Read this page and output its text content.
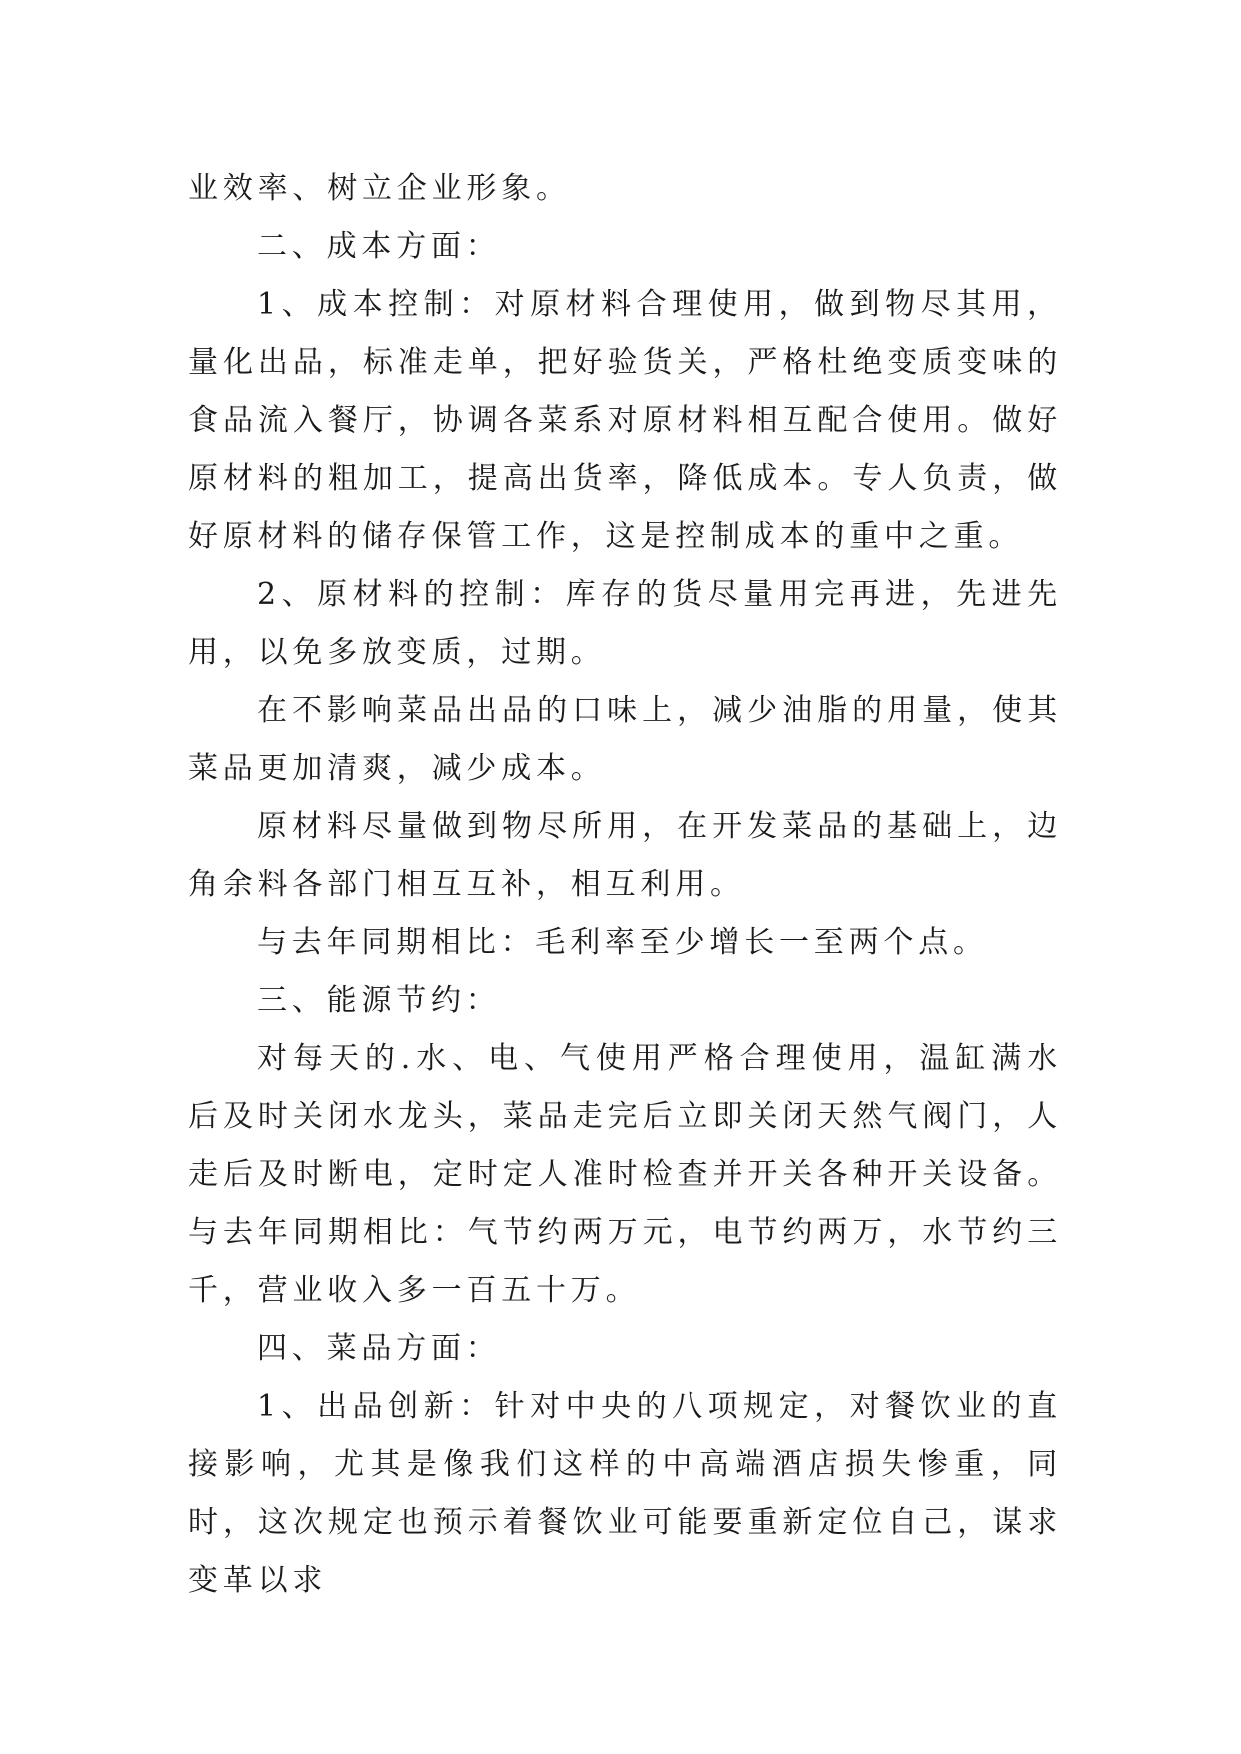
业效率、树立企业形象。

二、成本方面：

1、成本控制：对原材料合理使用，做到物尽其用，量化出品，标准走单，把好验货关，严格杜绝变质变味的食品流入餐厅，协调各菜系对原材料相互配合使用。做好原材料的粗加工，提高出货率，降低成本。专人负责，做好原材料的储存保管工作，这是控制成本的重中之重。

2、原材料的控制：库存的货尽量用完再进，先进先用，以免多放变质，过期。

在不影响菜品出品的口味上，减少油脂的用量，使其菜品更加清爽，减少成本。

原材料尽量做到物尽所用，在开发菜品的基础上，边角余料各部门相互互补，相互利用。

与去年同期相比：毛利率至少增长一至两个点。

三、能源节约：

对每天的.水、电、气使用严格合理使用，温缸满水后及时关闭水龙头，菜品走完后立即关闭天然气阀门，人走后及时断电，定时定人准时检查并开关各种开关设备。与去年同期相比：气节约两万元，电节约两万，水节约三千，营业收入多一百五十万。

四、菜品方面：

1、出品创新：针对中央的八项规定，对餐饮业的直接影响，尤其是像我们这样的中高端酒店损失惨重，同时，这次规定也预示着餐饮业可能要重新定位自己，谋求变革以求
